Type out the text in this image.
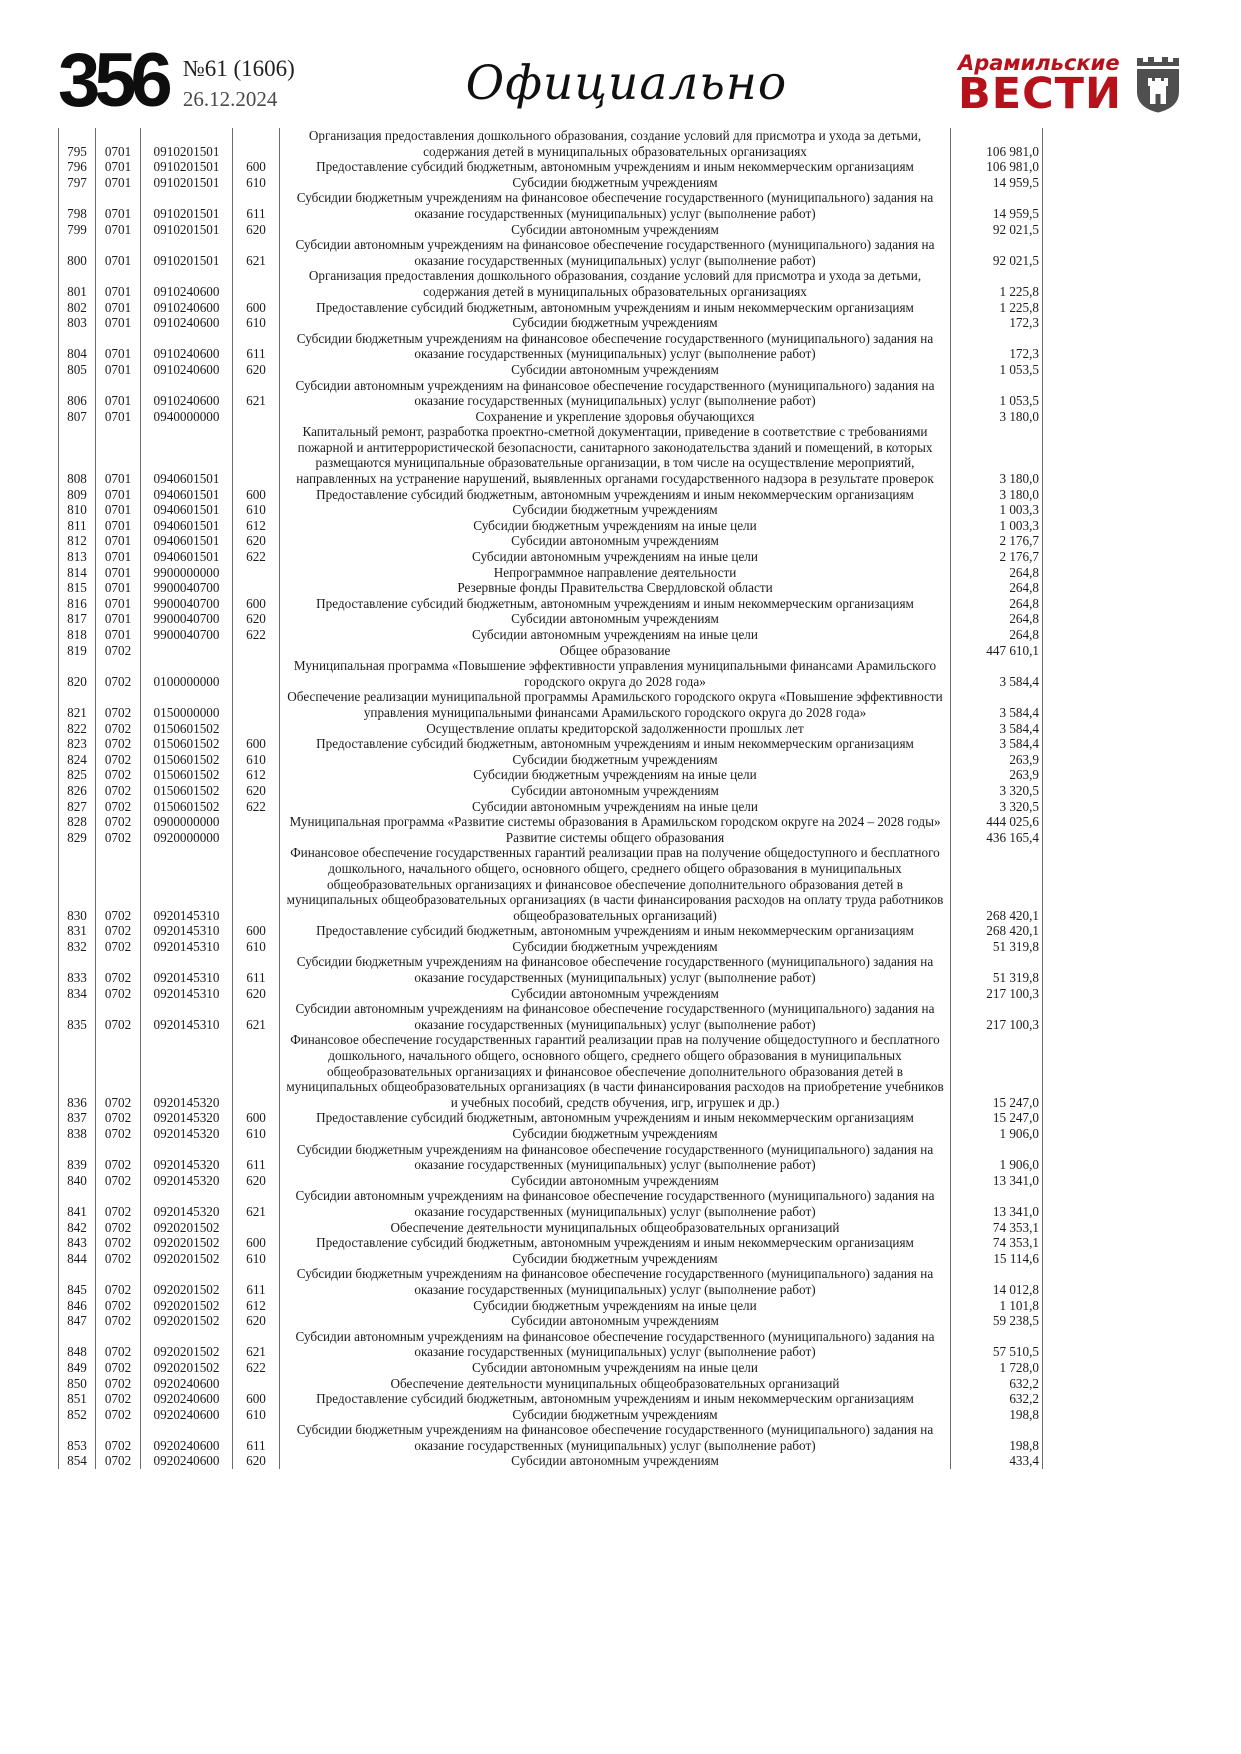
356 №61 (1606)
26.12.2024	Официально	Арамильские
ВЕСТИ
795	0701	0910201501		Организация предоставления дошкольного образования, создание условий для присмотра и ухода за детьми, содержания детей в муниципальных образовательных организациях	106 981,0
796	0701	0910201501	600	Предоставление субсидий бюджетным, автономным учреждениям и иным некоммерческим организациям	106 981,0
797	0701	0910201501	610	Субсидии бюджетным учреждениям	14 959,5
798	0701	0910201501	611	Субсидии бюджетным учреждениям на финансовое обеспечение государственного (муниципального) задания на оказание государственных (муниципальных) услуг (выполнение работ)	14 959,5
799	0701	0910201501	620	Субсидии автономным учреждениям	92 021,5
800	0701	0910201501	621	Субсидии автономным учреждениям на финансовое обеспечение государственного (муниципального) задания на оказание государственных (муниципальных) услуг (выполнение работ)	92 021,5
801	0701	0910240600		Организация предоставления дошкольного образования, создание условий для присмотра и ухода за детьми, содержания детей в муниципальных образовательных организациях	1 225,8
802	0701	0910240600	600	Предоставление субсидий бюджетным, автономным учреждениям и иным некоммерческим организациям	1 225,8
803	0701	0910240600	610	Субсидии бюджетным учреждениям	172,3
804	0701	0910240600	611	Субсидии бюджетным учреждениям на финансовое обеспечение государственного (муниципального) задания на оказание государственных (муниципальных) услуг (выполнение работ)	172,3
805	0701	0910240600	620	Субсидии автономным учреждениям	1 053,5
806	0701	0910240600	621	Субсидии автономным учреждениям на финансовое обеспечение государственного (муниципального) задания на оказание государственных (муниципальных) услуг (выполнение работ)	1 053,5
807	0701	0940000000		Сохранение и укрепление здоровья обучающихся	3 180,0
808	0701	0940601501		Капитальный ремонт, разработка проектно-сметной документации, приведение в соответствие с требованиями пожарной и антитеррористической безопасности, санитарного законодательства зданий и помещений, в которых размещаются муниципальные образовательные организации, в том числе на осуществление мероприятий, направленных на устранение нарушений, выявленных органами государственного надзора в результате проверок	3 180,0
809	0701	0940601501	600	Предоставление субсидий бюджетным, автономным учреждениям и иным некоммерческим организациям	3 180,0
810	0701	0940601501	610	Субсидии бюджетным учреждениям	1 003,3
811	0701	0940601501	612	Субсидии бюджетным учреждениям на иные цели	1 003,3
812	0701	0940601501	620	Субсидии автономным учреждениям	2 176,7
813	0701	0940601501	622	Субсидии автономным учреждениям на иные цели	2 176,7
814	0701	9900000000		Непрограммное направление деятельности	264,8
815	0701	9900040700		Резервные фонды Правительства Свердловской области	264,8
816	0701	9900040700	600	Предоставление субсидий бюджетным, автономным учреждениям и иным некоммерческим организациям	264,8
817	0701	9900040700	620	Субсидии автономным учреждениям	264,8
818	0701	9900040700	622	Субсидии автономным учреждениям на иные цели	264,8
819	0702			Общее образование	447 610,1
820	0702	0100000000		Муниципальная программа «Повышение эффективности управления муниципальными финансами Арамильского городского округа до 2028 года»	3 584,4
821	0702	0150000000		Обеспечение реализации муниципальной программы Арамильского городского округа «Повышение эффективности управления муниципальными финансами Арамильского городского округа до 2028 года»	3 584,4
822	0702	0150601502		Осуществление оплаты кредиторской задолженности прошлых лет	3 584,4
823	0702	0150601502	600	Предоставление субсидий бюджетным, автономным учреждениям и иным некоммерческим организациям	3 584,4
824	0702	0150601502	610	Субсидии бюджетным учреждениям	263,9
825	0702	0150601502	612	Субсидии бюджетным учреждениям на иные цели	263,9
826	0702	0150601502	620	Субсидии автономным учреждениям	3 320,5
827	0702	0150601502	622	Субсидии автономным учреждениям на иные цели	3 320,5
828	0702	0900000000		Муниципальная программа «Развитие системы образования в Арамильском городском округе на 2024 – 2028 годы»	444 025,6
829	0702	0920000000		Развитие системы общего образования	436 165,4
830	0702	0920145310		Финансовое обеспечение государственных гарантий реализации прав на получение общедоступного и бесплатного дошкольного, начального общего, основного общего, среднего общего образования в муниципальных общеобразовательных организациях и финансовое обеспечение дополнительного образования детей в муниципальных общеобразовательных организациях (в части финансирования расходов на оплату труда работников общеобразовательных организаций)	268 420,1
831	0702	0920145310	600	Предоставление субсидий бюджетным, автономным учреждениям и иным некоммерческим организациям	268 420,1
832	0702	0920145310	610	Субсидии бюджетным учреждениям	51 319,8
833	0702	0920145310	611	Субсидии бюджетным учреждениям на финансовое обеспечение государственного (муниципального) задания на оказание государственных (муниципальных) услуг (выполнение работ)	51 319,8
834	0702	0920145310	620	Субсидии автономным учреждениям	217 100,3
835	0702	0920145310	621	Субсидии автономным учреждениям на финансовое обеспечение государственного (муниципального) задания на оказание государственных (муниципальных) услуг (выполнение работ)	217 100,3
836	0702	0920145320		Финансовое обеспечение государственных гарантий реализации прав на получение общедоступного и бесплатного дошкольного, начального общего, основного общего, среднего общего образования в муниципальных общеобразовательных организациях и финансовое обеспечение дополнительного образования детей в муниципальных общеобразовательных организациях (в части финансирования расходов на приобретение учебников и учебных пособий, средств обучения, игр, игрушек и др.)	15 247,0
837	0702	0920145320	600	Предоставление субсидий бюджетным, автономным учреждениям и иным некоммерческим организациям	15 247,0
838	0702	0920145320	610	Субсидии бюджетным учреждениям	1 906,0
839	0702	0920145320	611	Субсидии бюджетным учреждениям на финансовое обеспечение государственного (муниципального) задания на оказание государственных (муниципальных) услуг (выполнение работ)	1 906,0
840	0702	0920145320	620	Субсидии автономным учреждениям	13 341,0
841	0702	0920145320	621	Субсидии автономным учреждениям на финансовое обеспечение государственного (муниципального) задания на оказание государственных (муниципальных) услуг (выполнение работ)	13 341,0
842	0702	0920201502		Обеспечение деятельности муниципальных общеобразовательных организаций	74 353,1
843	0702	0920201502	600	Предоставление субсидий бюджетным, автономным учреждениям и иным некоммерческим организациям	74 353,1
844	0702	0920201502	610	Субсидии бюджетным учреждениям	15 114,6
845	0702	0920201502	611	Субсидии бюджетным учреждениям на финансовое обеспечение государственного (муниципального) задания на оказание государственных (муниципальных) услуг (выполнение работ)	14 012,8
846	0702	0920201502	612	Субсидии бюджетным учреждениям на иные цели	1 101,8
847	0702	0920201502	620	Субсидии автономным учреждениям	59 238,5
848	0702	0920201502	621	Субсидии автономным учреждениям на финансовое обеспечение государственного (муниципального) задания на оказание государственных (муниципальных) услуг (выполнение работ)	57 510,5
849	0702	0920201502	622	Субсидии автономным учреждениям на иные цели	1 728,0
850	0702	0920240600		Обеспечение деятельности муниципальных общеобразовательных организаций	632,2
851	0702	0920240600	600	Предоставление субсидий бюджетным, автономным учреждениям и иным некоммерческим организациям	632,2
852	0702	0920240600	610	Субсидии бюджетным учреждениям	198,8
853	0702	0920240600	611	Субсидии бюджетным учреждениям на финансовое обеспечение государственного (муниципального) задания на оказание государственных (муниципальных) услуг (выполнение работ)	198,8
854	0702	0920240600	620	Субсидии автономным учреждениям	433,4
